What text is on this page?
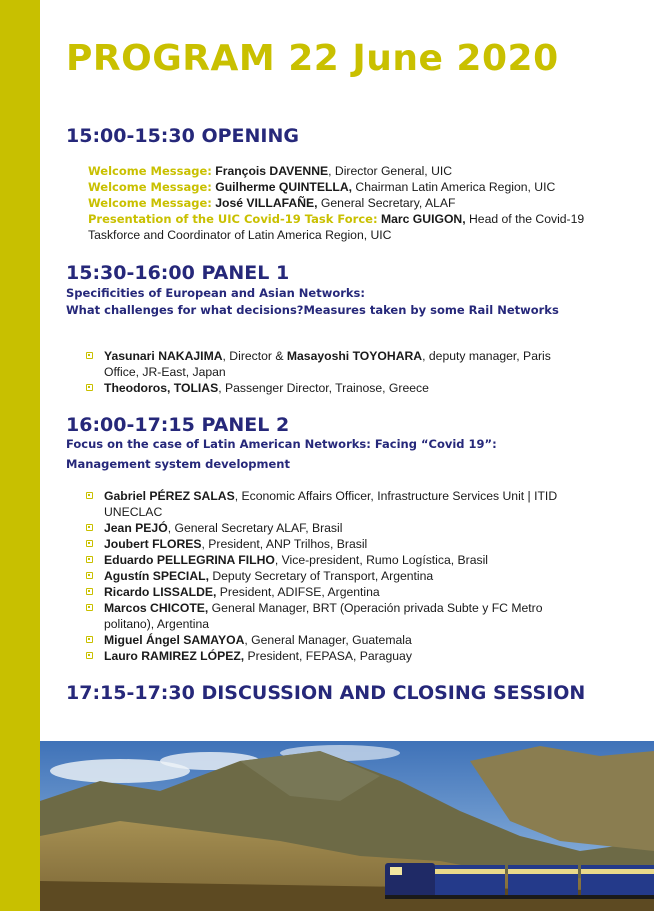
PROGRAM 22 June 2020
15:00-15:30 OPENING

Welcome Message: François DAVENNE, Director General, UIC

Welcome Message: Guilherme QUINTELLA, Chairman Latin America Region, UIC

Welcome Message: José VILLAFAÑE, General Secretary, ALAF

Presentation of the UIC Covid-19 Task Force: Marc GUIGON, Head of the Covid-19 Taskforce and Coordinator of Latin America Region, UIC

15:30-16:00 PANEL 1

Specificities of European and Asian Networks:

What challenges for what decisions?Measures taken by some Rail Networks

Yasunari NAKAJIMA, Director & Masayoshi TOYOHARA, deputy manager, Paris Office, JR-East, Japan
Theodoros, TOLIAS, Passenger Director, Trainose, Greece
16:00-17:15 PANEL 2

Focus on the case of Latin American Networks: Facing “Covid 19”:

Management system development

Gabriel PÉREZ SALAS, Economic Affairs Officer, Infrastructure Services Unit | ITID UNECLAC
Jean PEJÓ, General Secretary ALAF, Brasil
Joubert FLORES, President, ANP Trilhos, Brasil
Eduardo PELLEGRINA FILHO, Vice-president, Rumo Logística, Brasil
Agustín SPECIAL, Deputy Secretary of Transport, Argentina
Ricardo LISSALDE, President, ADIFSE, Argentina
Marcos CHICOTE, General Manager, BRT (Operación privada Subte y FC Metro politano), Argentina
Miguel Ángel SAMAYOA, General Manager, Guatemala
Lauro RAMIREZ LÓPEZ, President, FEPASA, Paraguay
17:15-17:30 DISCUSSION AND CLOSING SESSION
